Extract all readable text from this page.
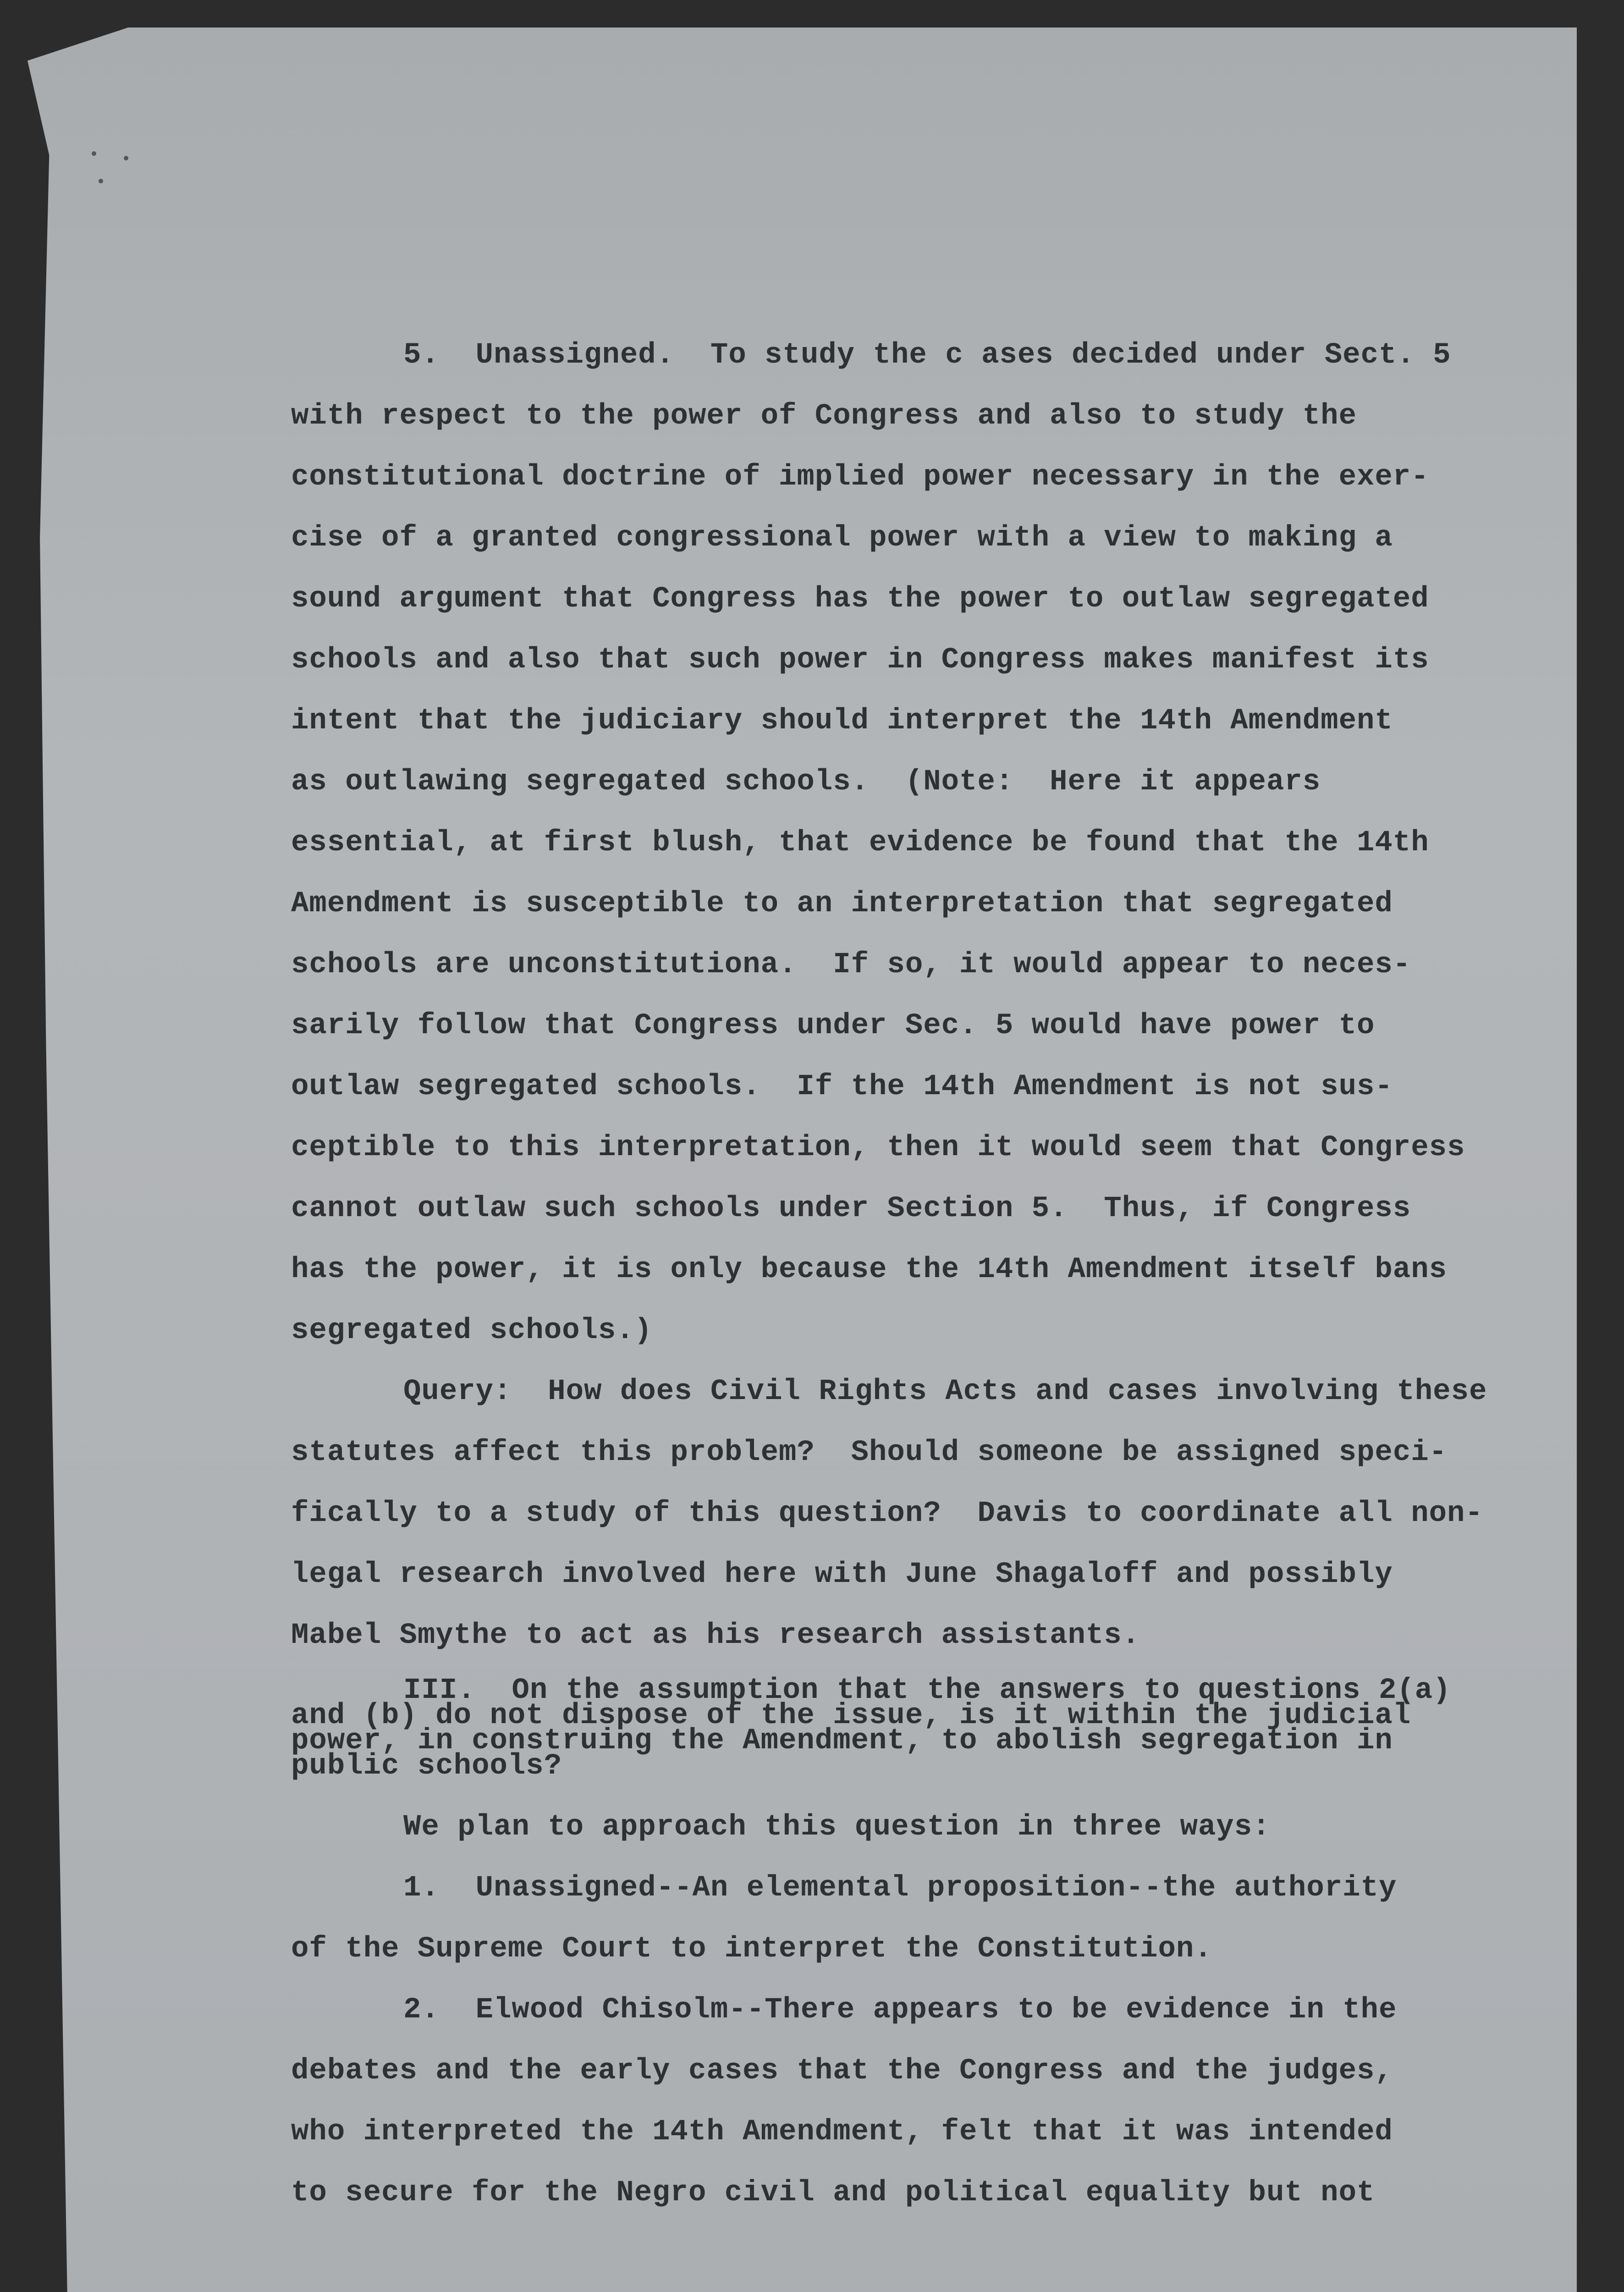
5.  Unassigned.  To study the c ases decided under Sect. 5
with respect to the power of Congress and also to study the
constitutional doctrine of implied power necessary in the exer-
cise of a granted congressional power with a view to making a
sound argument that Congress has the power to outlaw segregated
schools and also that such power in Congress makes manifest its
intent that the judiciary should interpret the 14th Amendment
as outlawing segregated schools.  (Note:  Here it appears
essential, at first blush, that evidence be found that the 14th
Amendment is susceptible to an interpretation that segregated
schools are unconstitutiona.  If so, it would appear to neces-
sarily follow that Congress under Sec. 5 would have power to
outlaw segregated schools.  If the 14th Amendment is not sus-
ceptible to this interpretation, then it would seem that Congress
cannot outlaw such schools under Section 5.  Thus, if Congress
has the power, it is only because the 14th Amendment itself bans
segregated schools.)
Query:  How does Civil Rights Acts and cases involving these
statutes affect this problem?  Should someone be assigned speci-
fically to a study of this question?  Davis to coordinate all non-
legal research involved here with June Shagaloff and possibly
Mabel Smythe to act as his research assistants.
III.  On the assumption that the answers to questions 2(a)
and (b) do not dispose of the issue, is it within the judicial
power, in construing the Amendment, to abolish segregation in
public schools?
We plan to approach this question in three ways:
1.  Unassigned--An elemental proposition--the authority
of the Supreme Court to interpret the Constitution.
2.  Elwood Chisolm--There appears to be evidence in the
debates and the early cases that the Congress and the judges,
who interpreted the 14th Amendment, felt that it was intended
to secure for the Negro civil and political equality but not
